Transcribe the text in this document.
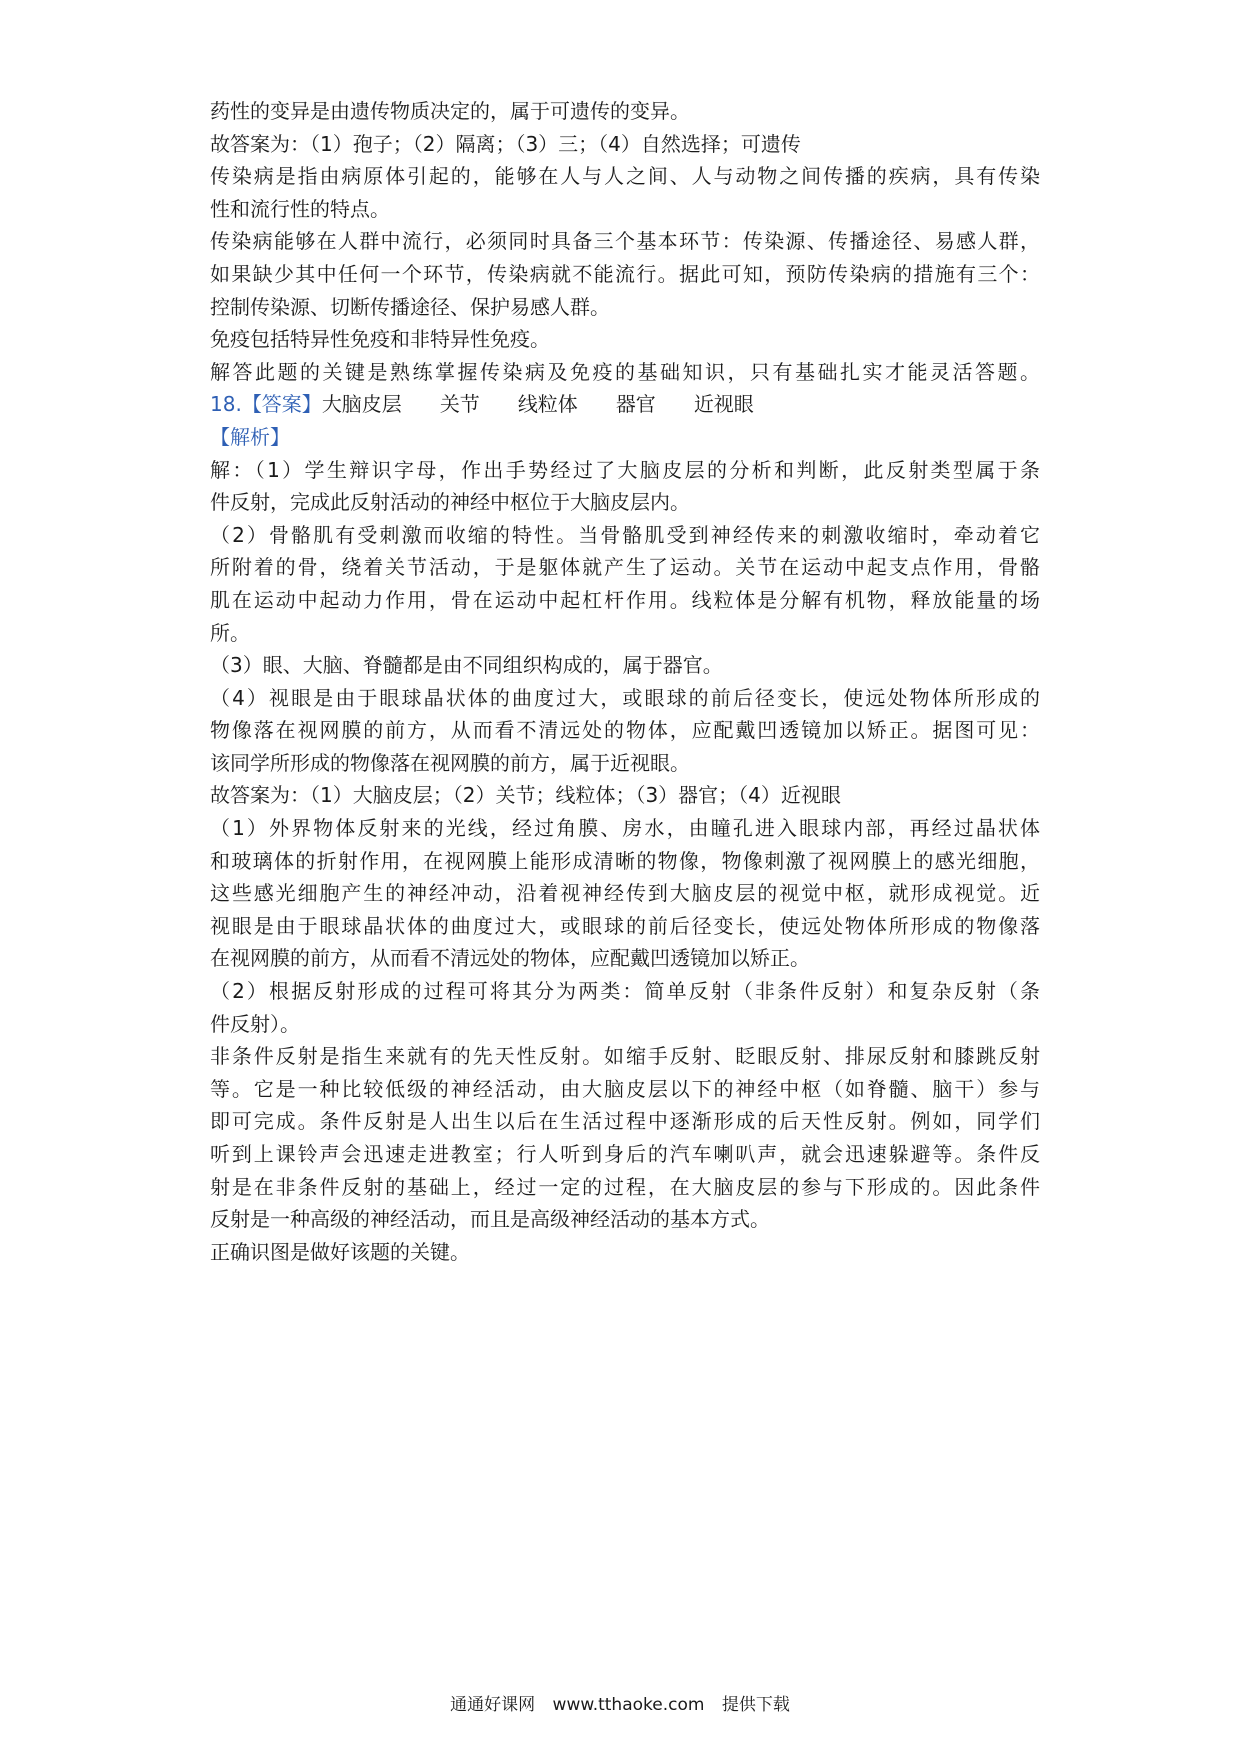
药性的变异是由遗传物质决定的，属于可遗传的变异。
故答案为：（1）孢子；（2）隔离；（3）三；（4）自然选择；可遗传
传染病是指由病原体引起的，能够在人与人之间、人与动物之间传播的疾病，具有传染
性和流行性的特点。
传染病能够在人群中流行，必须同时具备三个基本环节：传染源、传播途径、易感人群，
如果缺少其中任何一个环节，传染病就不能流行。据此可知，预防传染病的措施有三个：
控制传染源、切断传播途径、保护易感人群。
免疫包括特异性免疫和非特异性免疫。
解答此题的关键是熟练掌握传染病及免疫的基础知识，只有基础扎实才能灵活答题。
18.【答案】大脑皮层 关节 线粒体 器官 近视眼
【解析】
解：（1）学生辩识字母，作出手势经过了大脑皮层的分析和判断，此反射类型属于条
件反射，完成此反射活动的神经中枢位于大脑皮层内。
（2）骨骼肌有受刺激而收缩的特性。当骨骼肌受到神经传来的刺激收缩时，牵动着它
所附着的骨，绕着关节活动，于是躯体就产生了运动。关节在运动中起支点作用，骨骼
肌在运动中起动力作用，骨在运动中起杠杆作用。线粒体是分解有机物，释放能量的场
所。
（3）眼、大脑、脊髓都是由不同组织构成的，属于器官。
（4）视眼是由于眼球晶状体的曲度过大，或眼球的前后径变长，使远处物体所形成的
物像落在视网膜的前方，从而看不清远处的物体，应配戴凹透镜加以矫正。据图可见：
该同学所形成的物像落在视网膜的前方，属于近视眼。
故答案为：（1）大脑皮层；（2）关节；线粒体；（3）器官；（4）近视眼
（1）外界物体反射来的光线，经过角膜、房水，由瞳孔进入眼球内部，再经过晶状体
和玻璃体的折射作用，在视网膜上能形成清晰的物像，物像刺激了视网膜上的感光细胞，
这些感光细胞产生的神经冲动，沿着视神经传到大脑皮层的视觉中枢，就形成视觉。近
视眼是由于眼球晶状体的曲度过大，或眼球的前后径变长，使远处物体所形成的物像落
在视网膜的前方，从而看不清远处的物体，应配戴凹透镜加以矫正。
（2）根据反射形成的过程可将其分为两类：简单反射（非条件反射）和复杂反射（条
件反射）。
非条件反射是指生来就有的先天性反射。如缩手反射、眨眼反射、排尿反射和膝跳反射
等。它是一种比较低级的神经活动，由大脑皮层以下的神经中枢（如脊髓、脑干）参与
即可完成。条件反射是人出生以后在生活过程中逐渐形成的后天性反射。例如，同学们
听到上课铃声会迅速走进教室；行人听到身后的汽车喇叭声，就会迅速躲避等。条件反
射是在非条件反射的基础上，经过一定的过程，在大脑皮层的参与下形成的。因此条件
反射是一种高级的神经活动，而且是高级神经活动的基本方式。
正确识图是做好该题的关键。
通通好课网 www.tthaoke.com 提供下载
